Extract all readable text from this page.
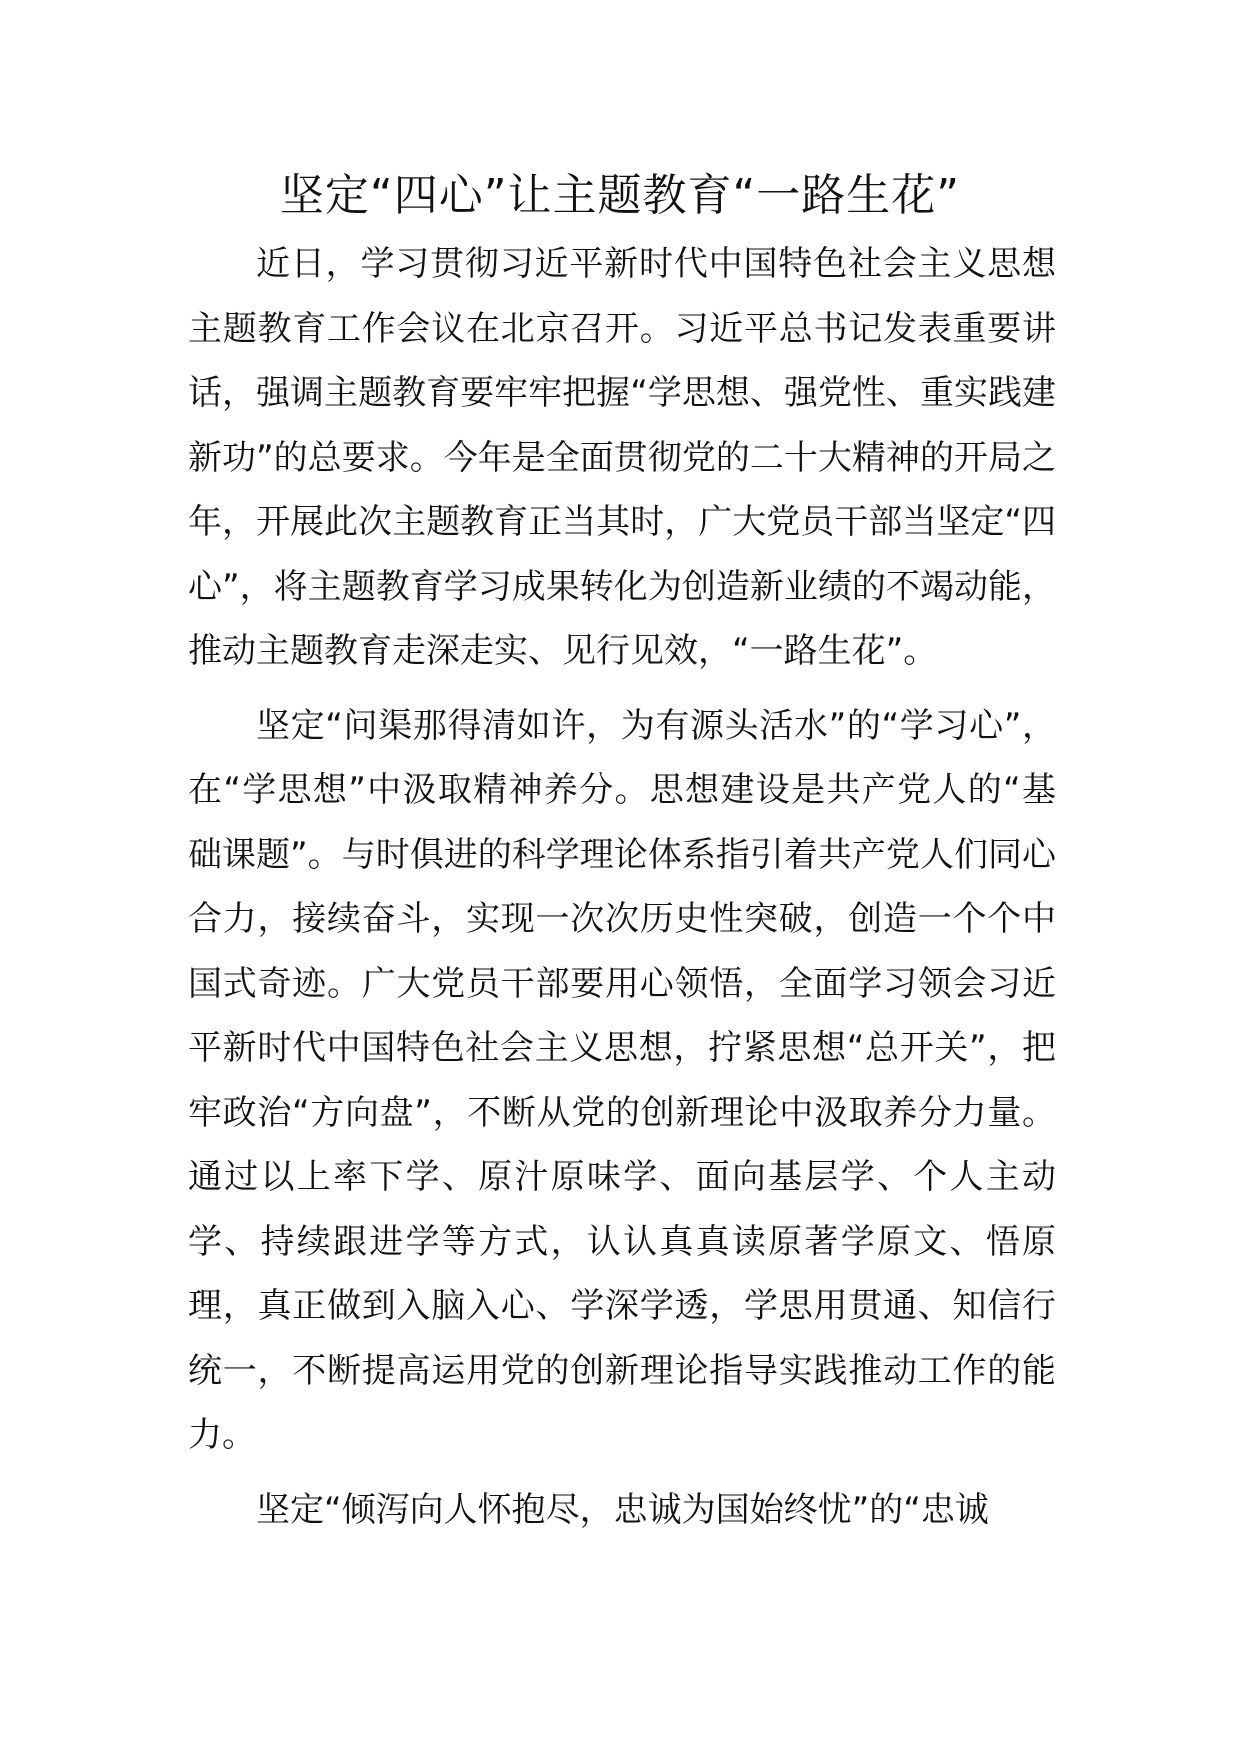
坚定“四心”让主题教育“一路生花”

近日，学习贯彻习近平新时代中国特色社会主义思想主题教育工作会议在北京召开。习近平总书记发表重要讲话，强调主题教育要牢牢把握“学思想、强党性、重实践建新功”的总要求。今年是全面贯彻党的二十大精神的开局之年，开展此次主题教育正当其时，广大党员干部当坚定“四心”，将主题教育学习成果转化为创造新业绩的不竭动能，推动主题教育走深走实、见行见效，“一路生花”。

坚定“问渠那得清如许，为有源头活水”的“学习心”，在“学思想”中汲取精神养分。思想建设是共产党人的“基础课题”。与时俱进的科学理论体系指引着共产党人们同心合力，接续奋斗，实现一次次历史性突破，创造一个个中国式奇迹。广大党员干部要用心领悟，全面学习领会习近平新时代中国特色社会主义思想，拧紧思想“总开关”，把牢政治“方向盘”，不断从党的创新理论中汲取养分力量。通过以上率下学、原汁原味学、面向基层学、个人主动学、持续跟进学等方式，认认真真读原著学原文、悟原理，真正做到入脑入心、学深学透，学思用贯通、知信行统一，不断提高运用党的创新理论指导实践推动工作的能力。

坚定“倾泻向人怀抱尽，忠诚为国始终忧”的“忠诚
